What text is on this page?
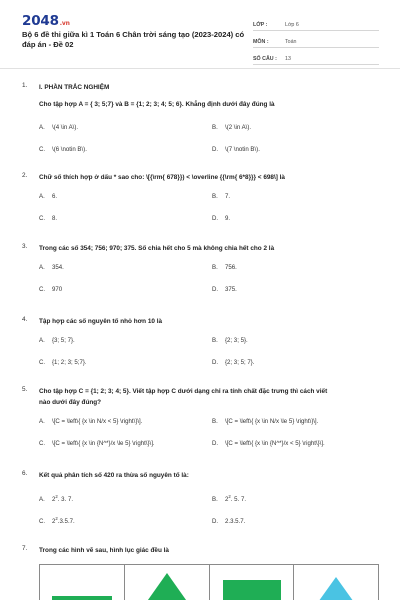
2048.vn
Bộ 6 đề thi giữa kì 1 Toán 6 Chân trời sáng tạo (2023-2024) có đáp án - Đề 02
LỚP :	Lớp 6
MÔN :	Toán
SỐ CÂU :	13
1. I. PHẦN TRẮC NGHIỆM
Cho tập hợp A = { 3; 5;7} và B = {1; 2; 3; 4; 5; 6}. Khẳng định dưới đây đúng là
A. \(4 \in A\).	B. \(2 \in A\).
C. \(6 \notin B\).	D. \(7 \notin B\).
2. Chữ số thích hợp ở dấu * sao cho: \[{\rm{ 678}}) < \overline {{\rm{ 6*8}}} < 698\] là
A. 6.	B. 7.
C. 8.	D. 9.
3. Trong các số 354; 756; 970; 375. Số chia hết cho 5 mà không chia hết cho 2 là
A. 354.	B. 756.
C. 970	D. 375.
4. Tập hợp các số nguyên tố nhỏ hơn 10 là
A. {3; 5; 7}.	B. {2; 3; 5}.
C. {1; 2; 3; 5;7}.	D. {2; 3; 5; 7}.
5. Cho tập hợp C = {1; 2; 3; 4; 5}. Viết tập hợp C dưới dạng chỉ ra tính chất đặc trưng thì cách viết
nào dưới đây đúng?
A. \[C = \left\{ {x \in N/x < 5} \right\}\].	B. \[C = \left\{ {x \in N/x \le 5} \right\}\].
C. \[C = \left\{ {x \in {N^*}/x \le 5} \right\}\].	D. \[C = \left\{ {x \in {N^*}/x < 5} \right\}\].
6. Kết quả phân tích số 420 ra thừa số nguyên tố là:
A. $2^2$. 3. 7.	B. $2^2$. 5. 7.
C. $2^2.3.5.7$.	D. 2.3.5.7.
7. Trong các hình vẽ sau, hình lục giác đều là
